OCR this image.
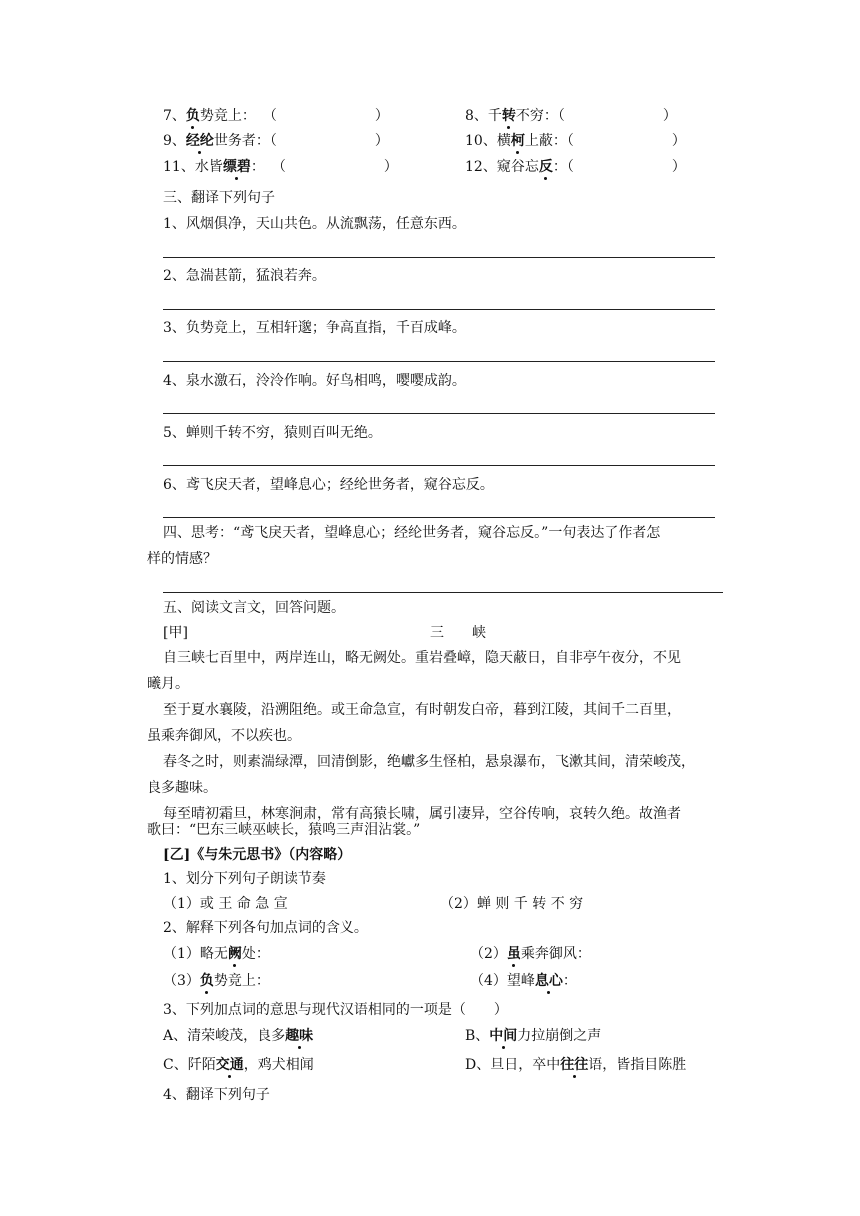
7、负势竞上： （　　　　　　　）	8、千转不穷：（　　　　　　　）
9、经纶世务者：（　　　　　　　）	10、横柯上蔽：（　　　　　　　）
11、水皆缥碧： （　　　　　　　）	12、窥谷忘反：（　　　　　　　）
三、翻译下列句子
1、风烟俱净，天山共色。从流飘荡，任意东西。
2、急湍甚箭，猛浪若奔。
3、负势竞上，互相轩邈；争高直指，千百成峰。
4、泉水激石，泠泠作响。好鸟相鸣，嘤嘤成韵。
5、蝉则千转不穷，猿则百叫无绝。
6、鸢飞戾天者，望峰息心；经纶世务者，窥谷忘反。
四、思考：“鸢飞戾天者，望峰息心；经纶世务者，窥谷忘反。”一句表达了作者怎
样的情感？
五、阅读文言文，回答问题。
[甲]	三　　峡
自三峡七百里中，两岸连山，略无阙处。重岩叠嶂，隐天蔽日，自非亭午夜分，不见
曦月。
至于夏水襄陵，沿溯阻绝。或王命急宣，有时朝发白帝，暮到江陵，其间千二百里，
虽乘奔御风，不以疾也。
春冬之时，则素湍绿潭，回清倒影，绝巘多生怪柏，悬泉瀑布，飞漱其间，清荣峻茂，
良多趣味。
每至晴初霜旦，林寒涧肃，常有高猿长啸，属引凄异，空谷传响，哀转久绝。故渔者
歌曰：“巴东三峡巫峡长，猿鸣三声泪沾裳。”
[乙]《与朱元思书》（内容略）
1、划分下列句子朗读节奏
（1）或 王 命 急 宣	（2）蝉 则 千 转 不 穷
2、解释下列各句加点词的含义。
（1）略无阙处：	（2）虽乘奔御风：
（3）负势竞上：	（4）望峰息心：
3、下列加点词的意思与现代汉语相同的一项是（　　）
A、清荣峻茂，良多趣味	B、中间力拉崩倒之声
C、阡陌交通，鸡犬相闻	D、旦日，卒中往往语，皆指目陈胜
4、翻译下列句子
